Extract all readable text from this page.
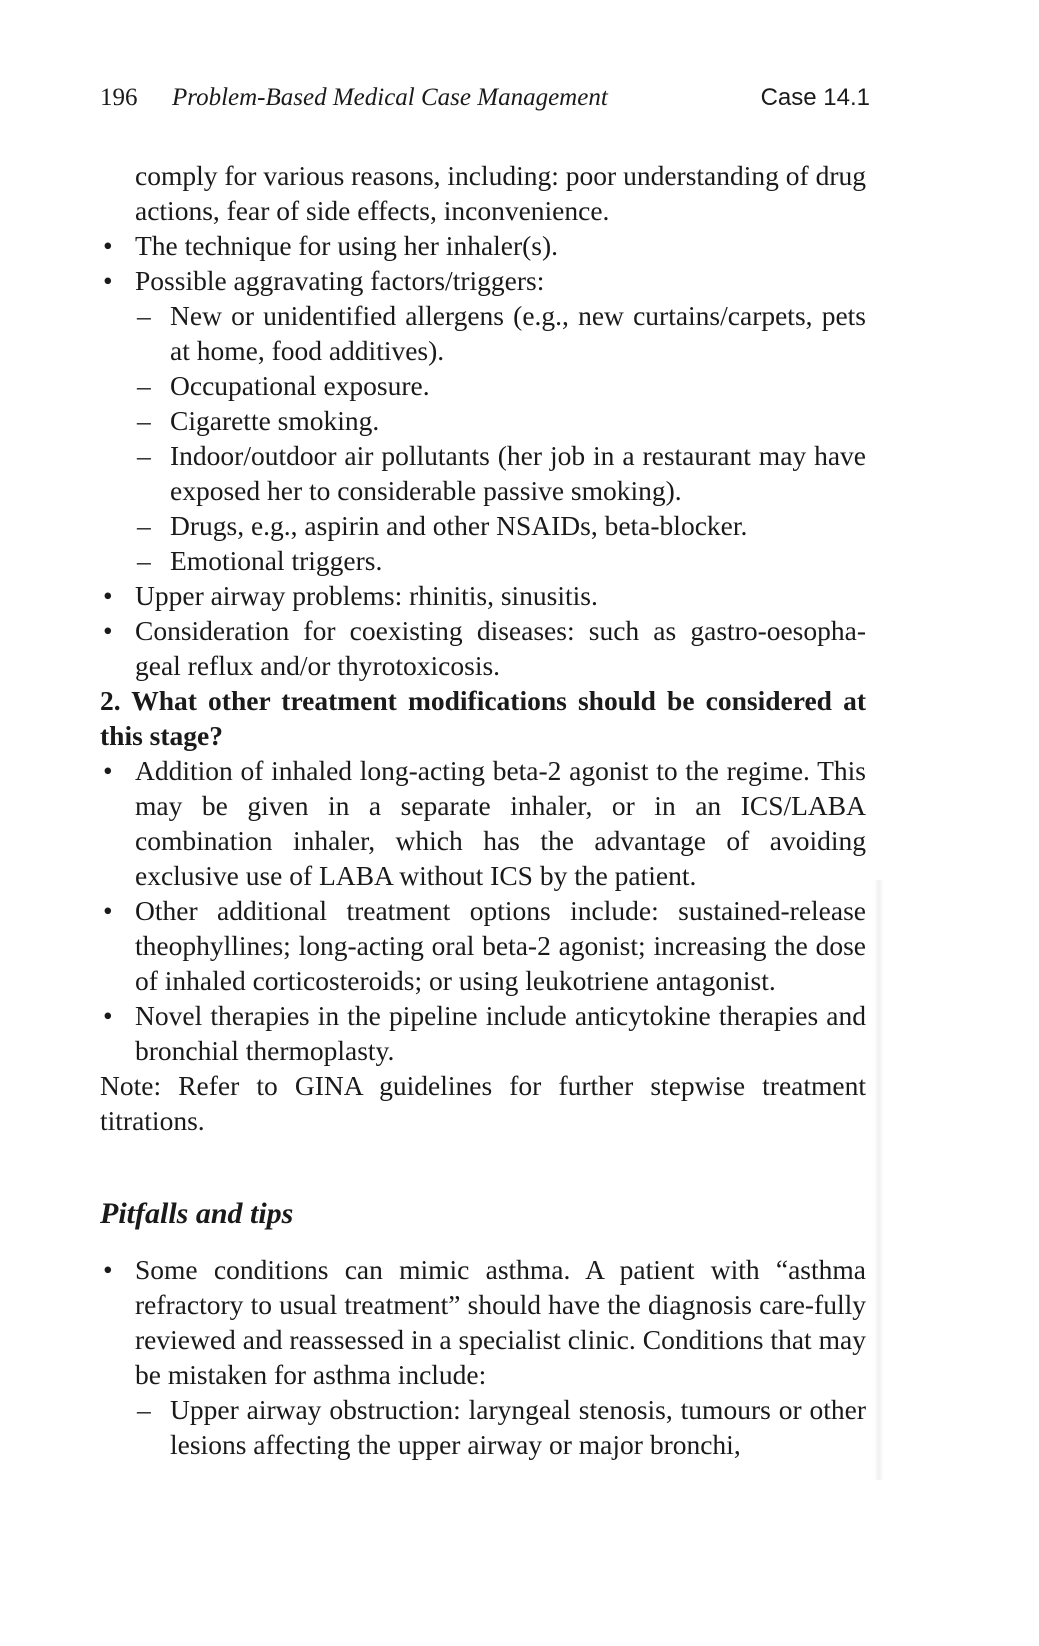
196 Problem-Based Medical Case Management	Case 14.1

comply for various reasons, including: poor understanding of drug actions, fear of side effects, inconvenience.

• The technique for using her inhaler(s).
• Possible aggravating factors/triggers:
– New or unidentified allergens (e.g., new curtains/carpets, pets at home, food additives).
– Occupational exposure.
– Cigarette smoking.
– Indoor/outdoor air pollutants (her job in a restaurant may have exposed her to considerable passive smoking).
– Drugs, e.g., aspirin and other NSAIDs, beta-blocker.
– Emotional triggers.
• Upper airway problems: rhinitis, sinusitis.
• Consideration for coexisting diseases: such as gastro-oesopha-geal reflux and/or thyrotoxicosis.

2. What other treatment modifications should be considered at this stage?

• Addition of inhaled long-acting beta-2 agonist to the regime. This may be given in a separate inhaler, or in an ICS/LABA combination inhaler, which has the advantage of avoiding exclusive use of LABA without ICS by the patient.
• Other additional treatment options include: sustained-release theophyllines; long-acting oral beta-2 agonist; increasing the dose of inhaled corticosteroids; or using leukotriene antagonist.
• Novel therapies in the pipeline include anticytokine therapies and bronchial thermoplasty.

Note: Refer to GINA guidelines for further stepwise treatment titrations.

Pitfalls and tips
• Some conditions can mimic asthma. A patient with “asthma refractory to usual treatment” should have the diagnosis care-fully reviewed and reassessed in a specialist clinic. Conditions that may be mistaken for asthma include:
– Upper airway obstruction: laryngeal stenosis, tumours or other lesions affecting the upper airway or major bronchi,
